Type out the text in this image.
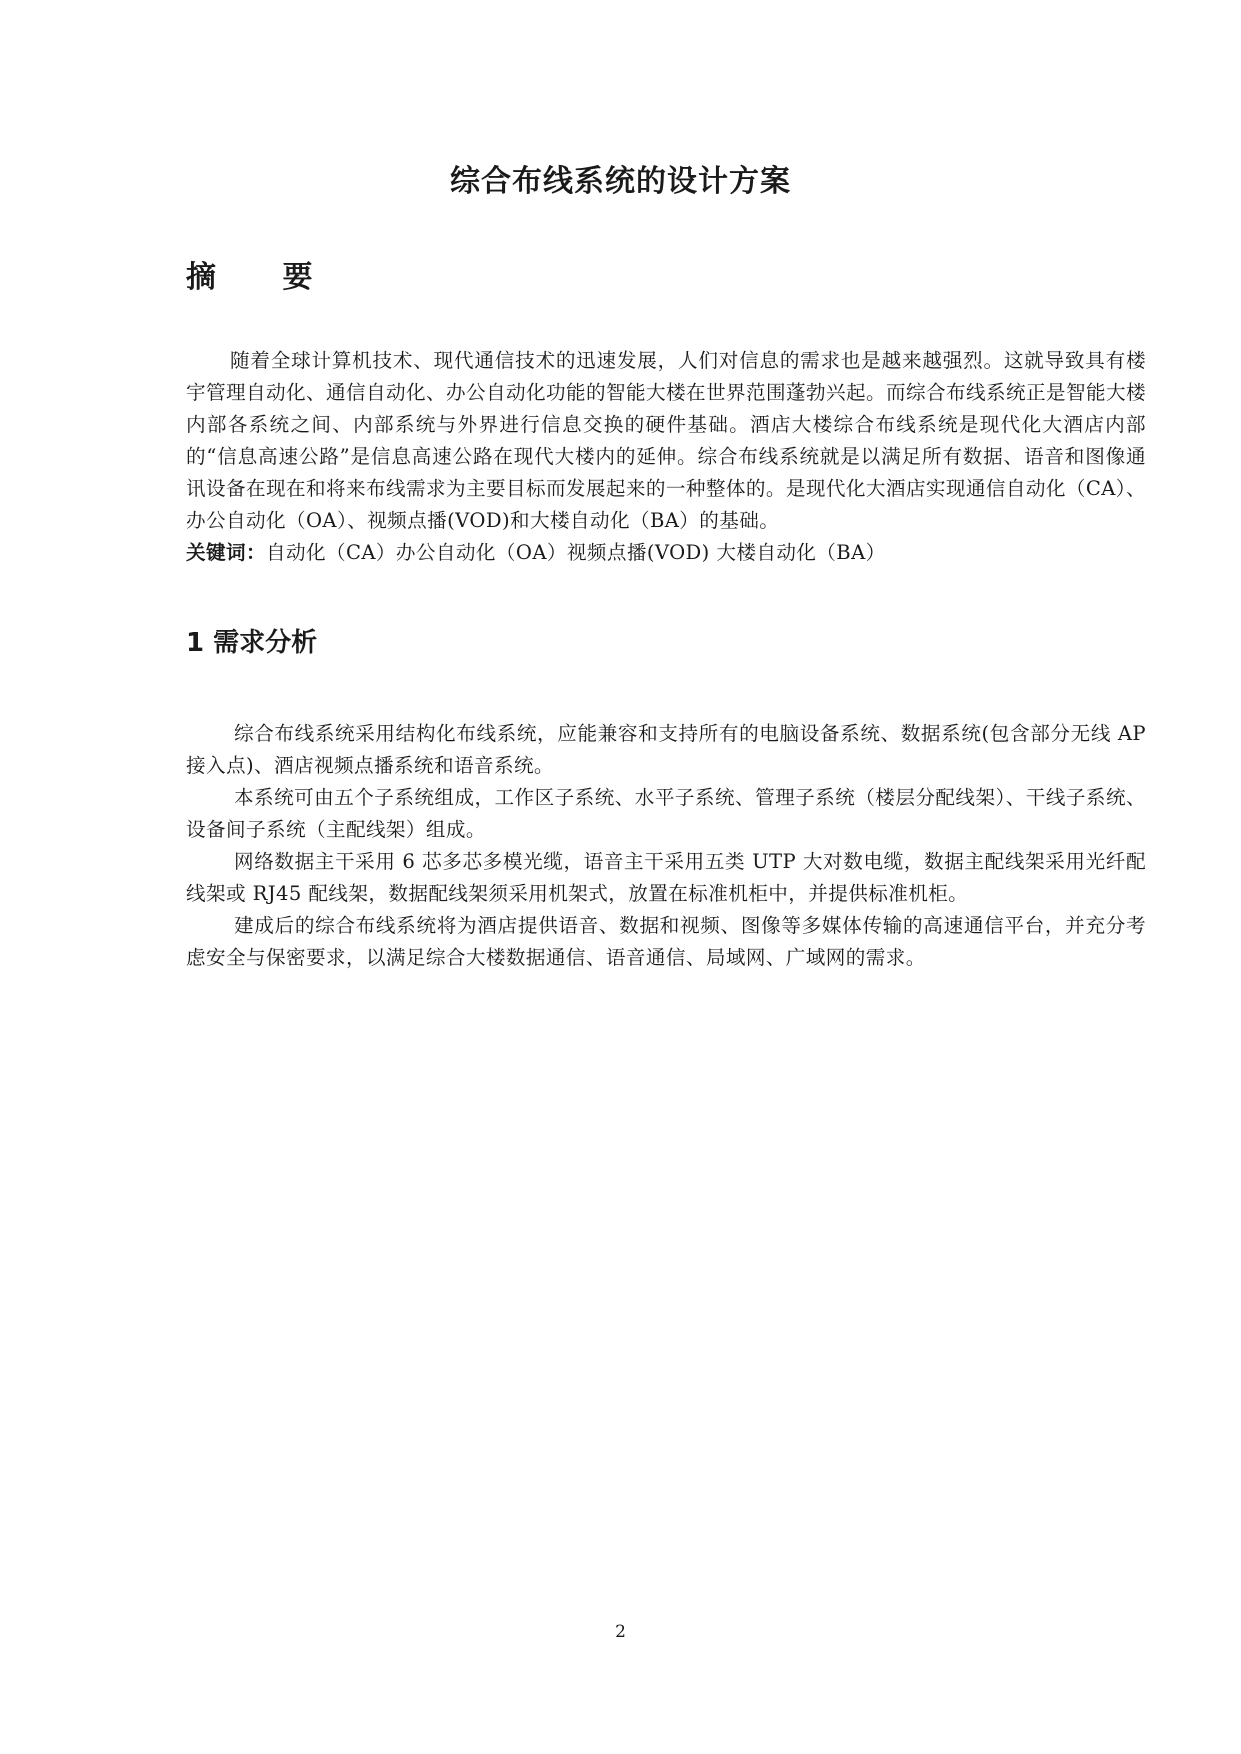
综合布线系统的设计方案
摘 要

随着全球计算机技术、现代通信技术的迅速发展，人们对信息的需求也是越来越强烈。这就导致具有楼宇管理自动化、通信自动化、办公自动化功能的智能大楼在世界范围蓬勃兴起。而综合布线系统正是智能大楼内部各系统之间、内部系统与外界进行信息交换的硬件基础。酒店大楼综合布线系统是现代化大酒店内部的“信息高速公路”是信息高速公路在现代大楼内的延伸。综合布线系统就是以满足所有数据、语音和图像通讯设备在现在和将来布线需求为主要目标而发展起来的一种整体的。是现代化大酒店实现通信自动化（CA）、办公自动化（OA）、视频点播(VOD)和大楼自动化（BA）的基础。

关键词：自动化（CA）办公自动化（OA）视频点播(VOD) 大楼自动化（BA）

1 需求分析

综合布线系统采用结构化布线系统，应能兼容和支持所有的电脑设备系统、数据系统(包含部分无线 AP 接入点)、酒店视频点播系统和语音系统。

本系统可由五个子系统组成，工作区子系统、水平子系统、管理子系统（楼层分配线架）、干线子系统、设备间子系统（主配线架）组成。

网络数据主干采用 6 芯多芯多模光缆，语音主干采用五类 UTP 大对数电缆，数据主配线架采用光纤配线架或 RJ45 配线架，数据配线架须采用机架式，放置在标准机柜中，并提供标准机柜。

建成后的综合布线系统将为酒店提供语音、数据和视频、图像等多媒体传输的高速通信平台，并充分考虑安全与保密要求，以满足综合大楼数据通信、语音通信、局域网、广域网的需求。

2
